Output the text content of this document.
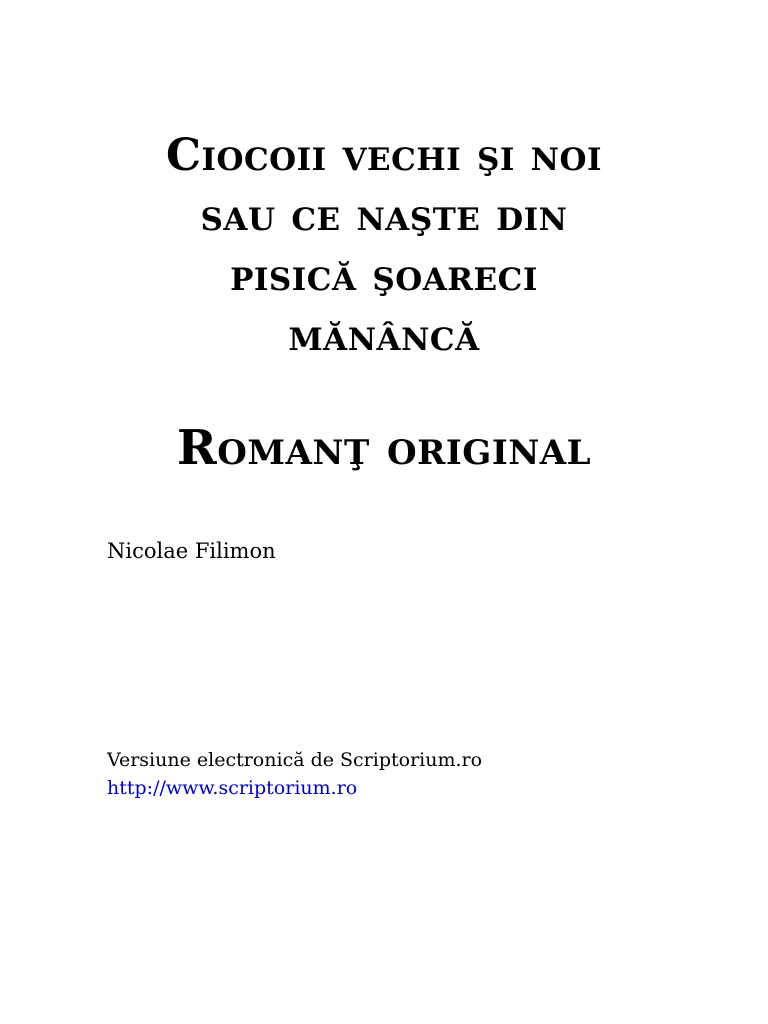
Ciocoii vechi şi noi
sau ce naşte din
pisică şoareci
mănâncă
Romanţ original
Nicolae Filimon
Versiune electronică de Scriptorium.ro
http://www.scriptorium.ro
